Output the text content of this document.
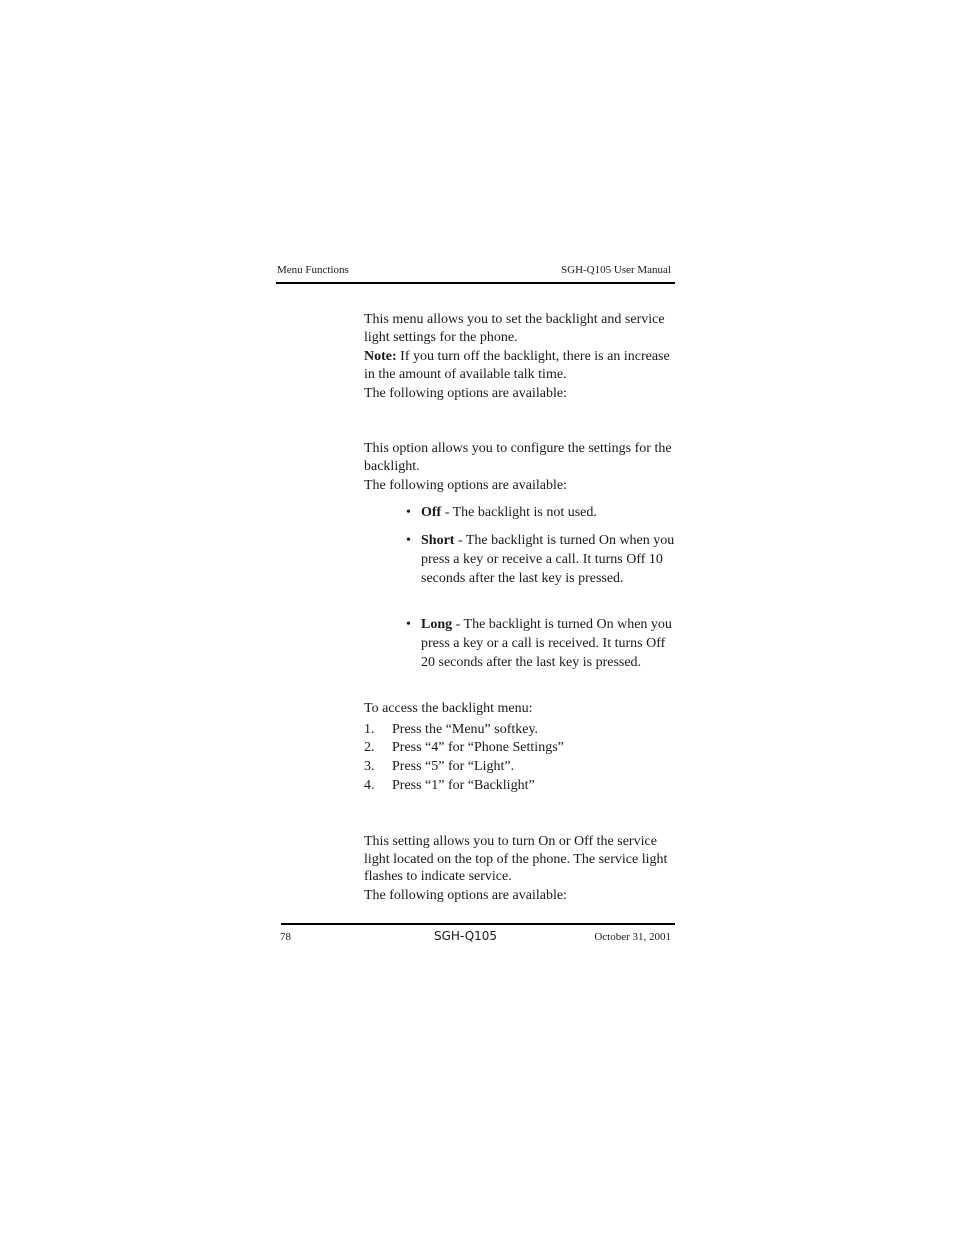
Menu Functions	SGH-Q105 User Manual

This menu allows you to set the backlight and service light settings for the phone.

Note: If you turn off the backlight, there is an increase in the amount of available talk time.

The following options are available:

This option allows you to configure the settings for the backlight.

The following options are available:

• Off - The backlight is not used.

• Short - The backlight is turned On when you press a key or receive a call. It turns Off 10 seconds after the last key is pressed.

• Long - The backlight is turned On when you press a key or a call is received. It turns Off 20 seconds after the last key is pressed.

To access the backlight menu:

1. Press the “Menu” softkey.
2. Press “4” for “Phone Settings”
3. Press “5” for “Light”.
4. Press “1” for “Backlight”

This setting allows you to turn On or Off the service light located on the top of the phone. The service light flashes to indicate service.

The following options are available:

78	SGH-Q105	October 31, 2001
